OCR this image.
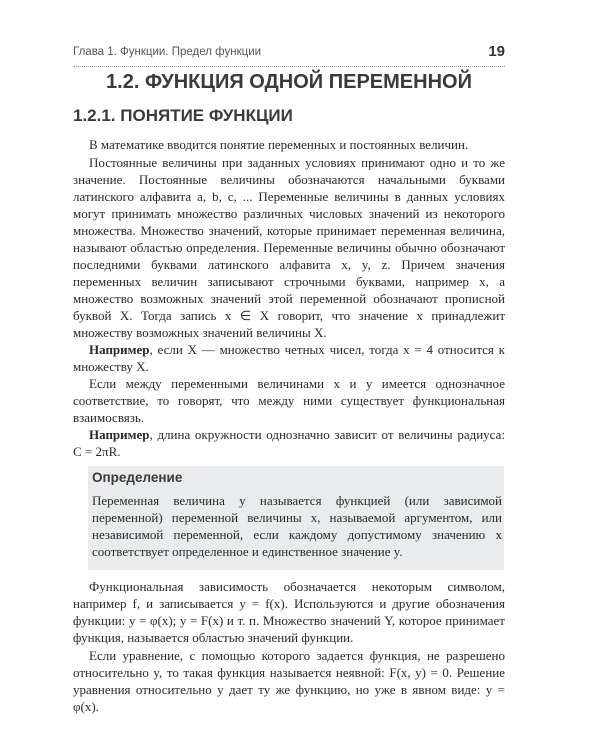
Глава 1. Функции. Предел функции	19
1.2. ФУНКЦИЯ ОДНОЙ ПЕРЕМЕННОЙ
1.2.1. ПОНЯТИЕ ФУНКЦИИ

В математике вводится понятие переменных и постоянных величин.

Постоянные величины при заданных условиях принимают одно и то же значение. Постоянные величины обозначаются начальными буквами латинского алфавита a, b, c, ... Переменные величины в данных условиях могут принимать множество различных числовых значений из некоторого множества. Множество значений, которые принимает переменная величина, называют областью определения. Переменные величины обычно обозначают последними буквами латинского алфавита x, y, z. Причем значения переменных величин записывают строчными буквами, например x, а множество возможных значений этой переменной обозначают прописной буквой X. Тогда запись x ∈ X говорит, что значение x принадлежит множеству возможных значений величины X.

Например, если X — множество четных чисел, тогда x = 4 относится к множеству X.

Если между переменными величинами x и y имеется однозначное соответствие, то говорят, что между ними существует функциональная взаимосвязь.

Например, длина окружности однозначно зависит от величины радиуса: C = 2πR.

Определение

Переменная величина y называется функцией (или зависимой переменной) переменной величины x, называемой аргументом, или независимой переменной, если каждому допустимому значению x соответствует определенное и единственное значение y.

Функциональная зависимость обозначается некоторым символом, например f, и записывается y = f(x). Используются и другие обозначения функции: y = φ(x); y = F(x) и т. п. Множество значений Y, которое принимает функция, называется областью значений функции.

Если уравнение, с помощью которого задается функция, не разрешено относительно y, то такая функция называется неявной: F(x, y) = 0. Решение уравнения относительно y дает ту же функцию, но уже в явном виде: y = φ(x).
